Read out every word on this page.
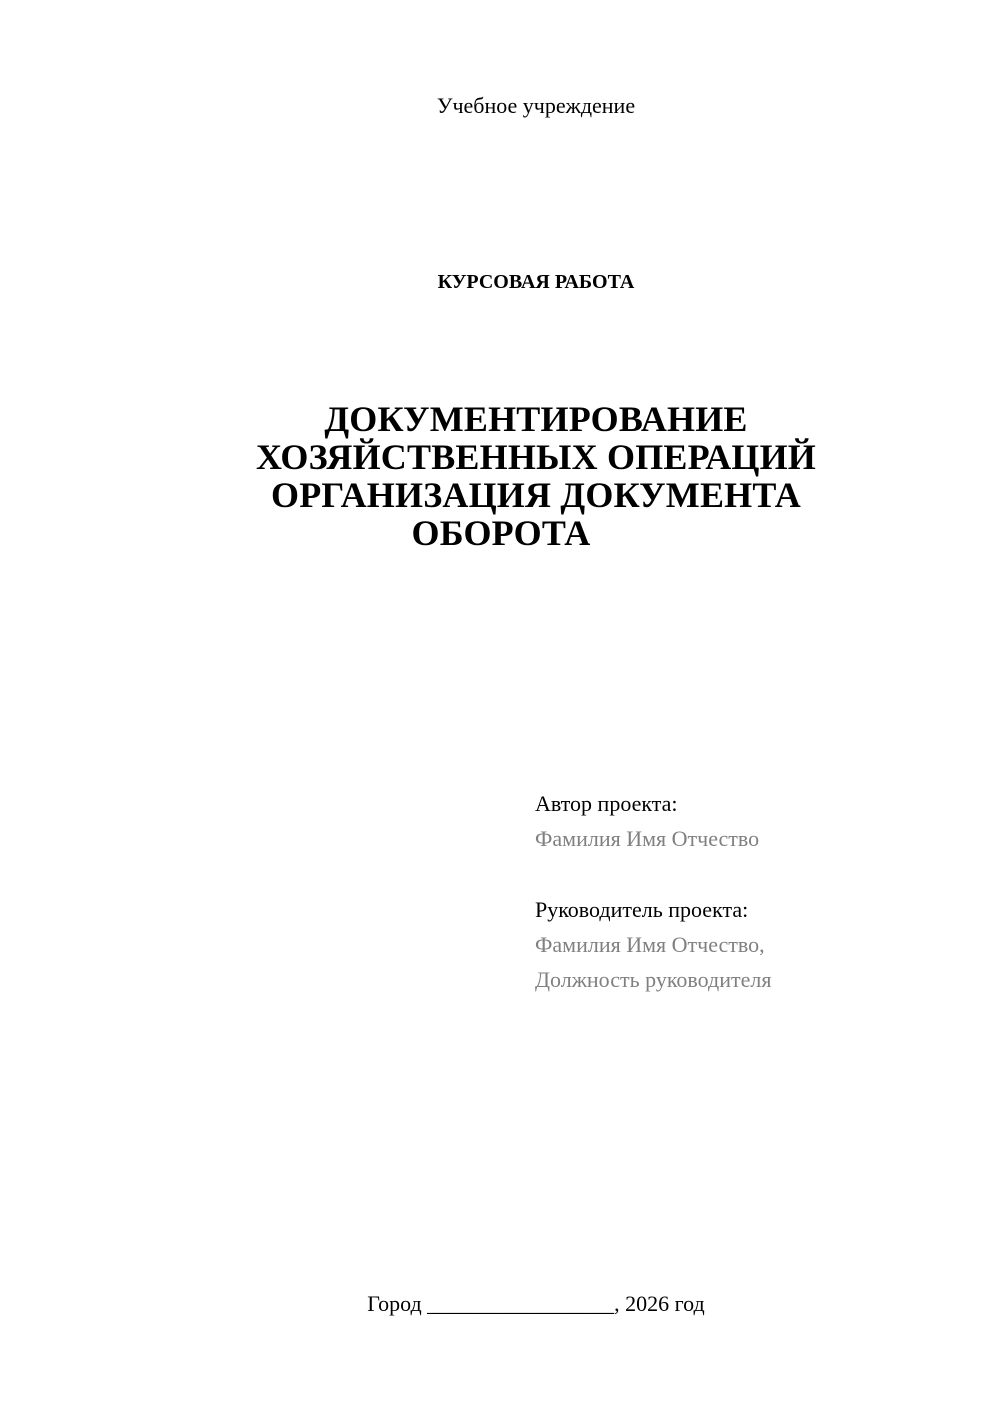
Учебное учреждение
КУРСОВАЯ РАБОТА
ДОКУМЕНТИРОВАНИЕ
ХОЗЯЙСТВЕННЫХ ОПЕРАЦИЙ
ОРГАНИЗАЦИЯ ДОКУМЕНТА
ОБОРОТА
Автор проекта:
Фамилия Имя Отчество
Руководитель проекта:
Фамилия Имя Отчество,
Должность руководителя
Город _________________, 2026 год
